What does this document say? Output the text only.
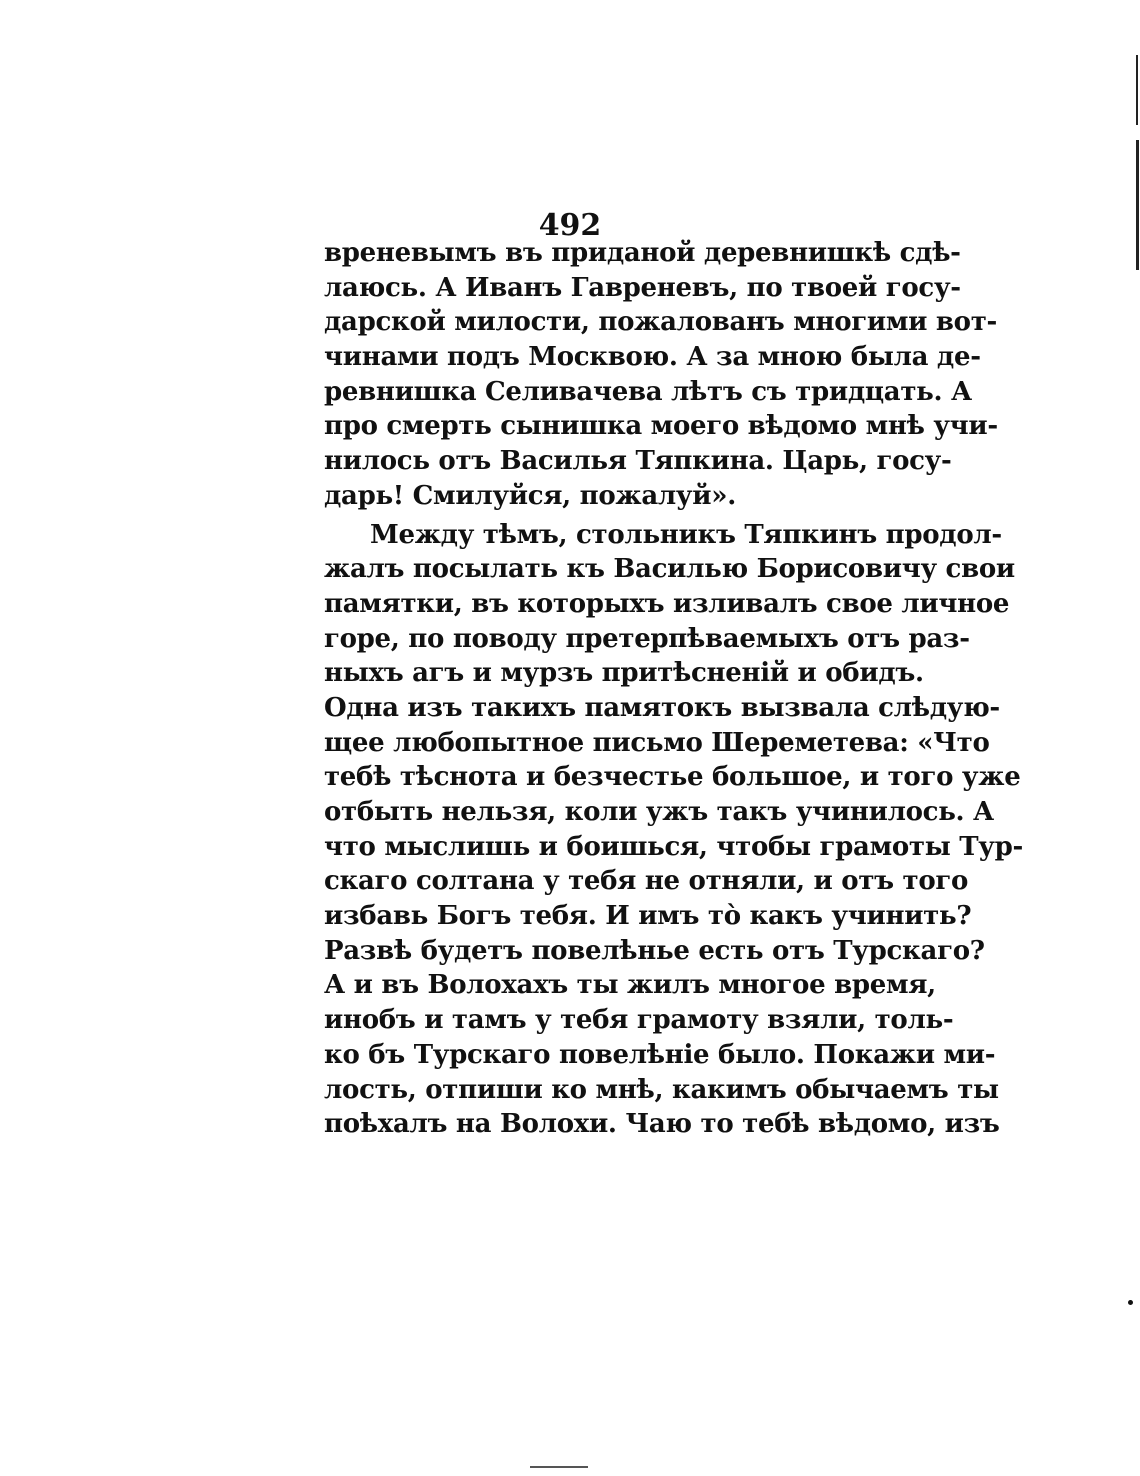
492
вреневымъ въ приданой деревнишкѣ сдѣ-
лаюсь. А Иванъ Гавреневъ, по твоей госу-
дарской милости, пожалованъ многими вот-
чинами подъ Москвою. А за мною была де-
ревнишка Селивачева лѣтъ съ тридцать. А
про смерть сынишка моего вѣдомо мнѣ учи-
нилось отъ Василья Тяпкина. Царь, госу-
дарь! Смилуйся, пожалуй».
Между тѣмъ, стольникъ Тяпкинъ продол-
жалъ посылать къ Василью Борисовичу свои
памятки, въ которыхъ изливалъ свое личное
горе, по поводу претерпѣваемыхъ отъ раз-
ныхъ агъ и мурзъ притѣсненій и обидъ.
Одна изъ такихъ памятокъ вызвала слѣдую-
щее любопытное письмо Шереметева: «Что
тебѣ тѣснота и безчестье большое, и того уже
отбыть нельзя, коли ужъ такъ учинилось. А
что мыслишь и боишься, чтобы грамоты Тур-
скаго солтана у тебя не отняли, и отъ того
избавь Богъ тебя. И имъ то̀ какъ учинить?
Развѣ будетъ повелѣнье есть отъ Турскаго?
А и въ Волохахъ ты жилъ многое время,
инобъ и тамъ у тебя грамоту взяли, толь-
ко бъ Турскаго повелѣніе было. Покажи ми-
лость, отпиши ко мнѣ, какимъ обычаемъ ты
поѣхалъ на Волохи. Чаю то тебѣ вѣдомо, изъ
